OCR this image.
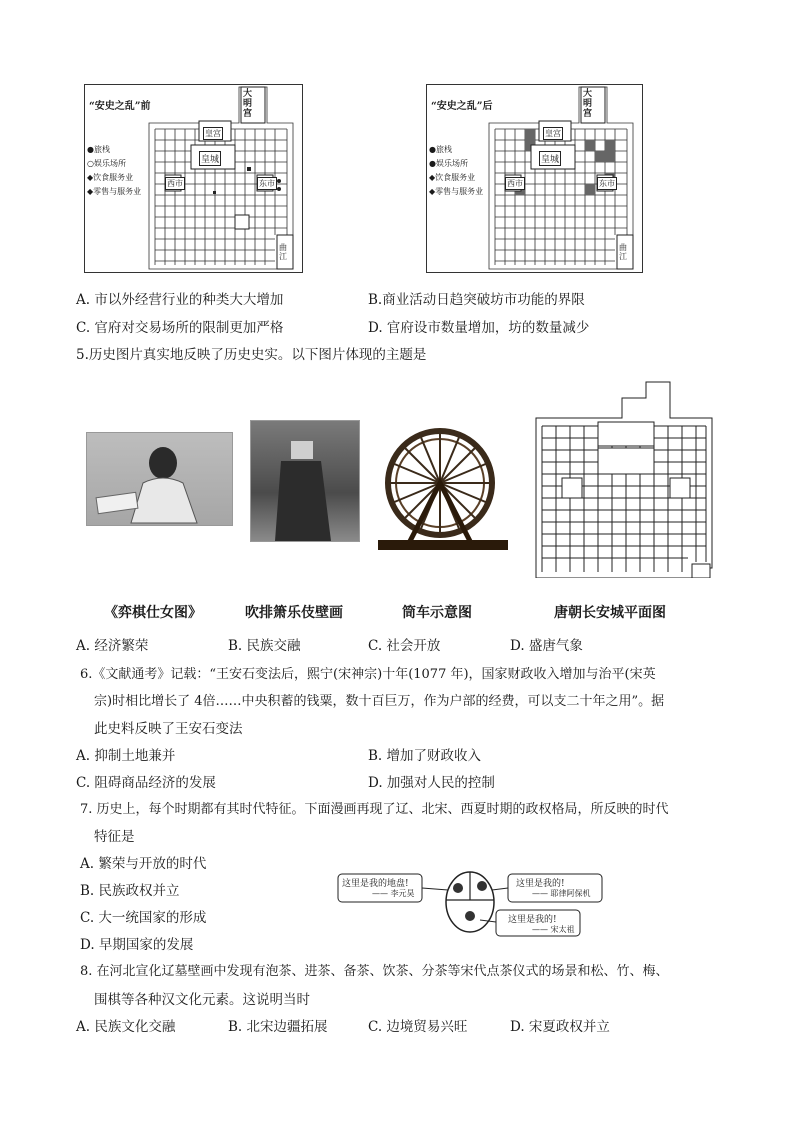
“安史之乱”前
●旅栈
○娱乐场所
◆饮食服务业
◆零售与服务业
大明宫
皇宫
皇城
西市	东市
曲江
“安史之乱”后
●旅栈
●娱乐场所
◆饮食服务业
◆零售与服务业
大明宫
皇宫
皇城
西市	东市
曲江
A. 市以外经营行业的种类大大增加	B.商业活动日趋突破坊市功能的界限
C. 官府对交易场所的限制更加严格	D. 官府设市数量增加，坊的数量减少
5.历史图片真实地反映了历史史实。以下图片体现的主题是
《弈棋仕女图》	吹排箫乐伎壁画	筒车示意图	唐朝长安城平面图
A. 经济繁荣	B. 民族交融	C. 社会开放	D. 盛唐气象
6.《文献通考》记载：“王安石变法后，熙宁(宋神宗)十年(1077 年)，国家财政收入增加与治平(宋英
宗)时相比增长了 4倍……中央积蓄的钱粟，数十百巨万，作为户部的经费，可以支二十年之用”。据
此史料反映了王安石变法
A. 抑制土地兼并	B. 增加了财政收入
C. 阻碍商品经济的发展	D. 加强对人民的控制
7. 历史上，每个时期都有其时代特征。下面漫画再现了辽、北宋、西夏时期的政权格局，所反映的时代
特征是
A. 繁荣与开放的时代
B. 民族政权并立
C. 大一统国家的形成
D. 早期国家的发展
这里是我的地盘!
—— 李元昊
这里是我的!
—— 耶律阿保机
这里是我的!
—— 宋太祖
8. 在河北宣化辽墓壁画中发现有泡茶、进茶、备茶、饮茶、分茶等宋代点茶仪式的场景和松、竹、梅、
围棋等各种汉文化元素。这说明当时
A. 民族文化交融	B. 北宋边疆拓展	C. 边境贸易兴旺	D. 宋夏政权并立
